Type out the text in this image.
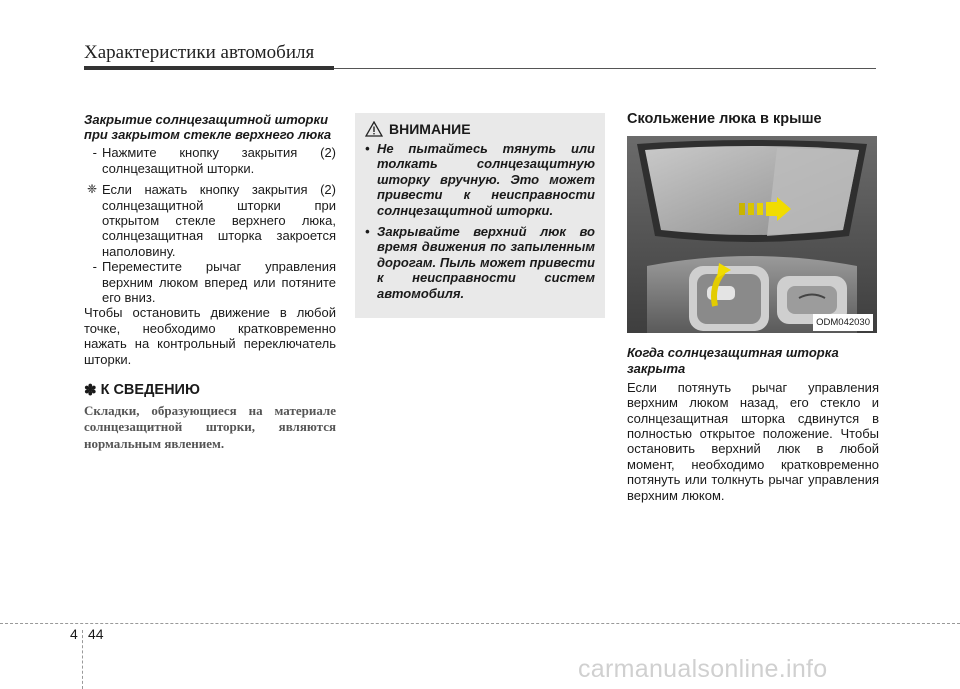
Характеристики автомобиля

Закрытие солнцезащитной шторки при закрытом стекле верхнего люка

- Нажмите кнопку закрытия (2) солнцезащитной шторки.
❈ Если нажать кнопку закрытия (2) солнцезащитной шторки при открытом стекле верхнего люка, солнцезащитная шторка закроется наполовину.
- Переместите рычаг управления верхним люком вперед или потяните его вниз.

Чтобы остановить движение в любой точке, необходимо кратковременно нажать на контрольный переключатель шторки.

✽ К СВЕДЕНИЮ
Складки, образующиеся на материале солнцезащитной шторки, являются нормальным явлением.
ВНИМАНИЕ
• Не пытайтесь тянуть или толкать солнцезащитную шторку вручную. Это может привести к неисправности солнцезащитной шторки.
• Закрывайте верхний люк во время движения по запыленным дорогам. Пыль может привести к неисправности систем автомобиля.
Скольжение люка в крыше
ODM042030

Когда солнцезащитная шторка закрыта

Если потянуть рычаг управления верхним люком назад, его стекло и солнцезащитная шторка сдвинутся в полностью открытое положение. Чтобы остановить верхний люк в любой момент, необходимо кратковременно потянуть или толкнуть рычаг управления верхним люком.

4 44
carmanualsonline.info
